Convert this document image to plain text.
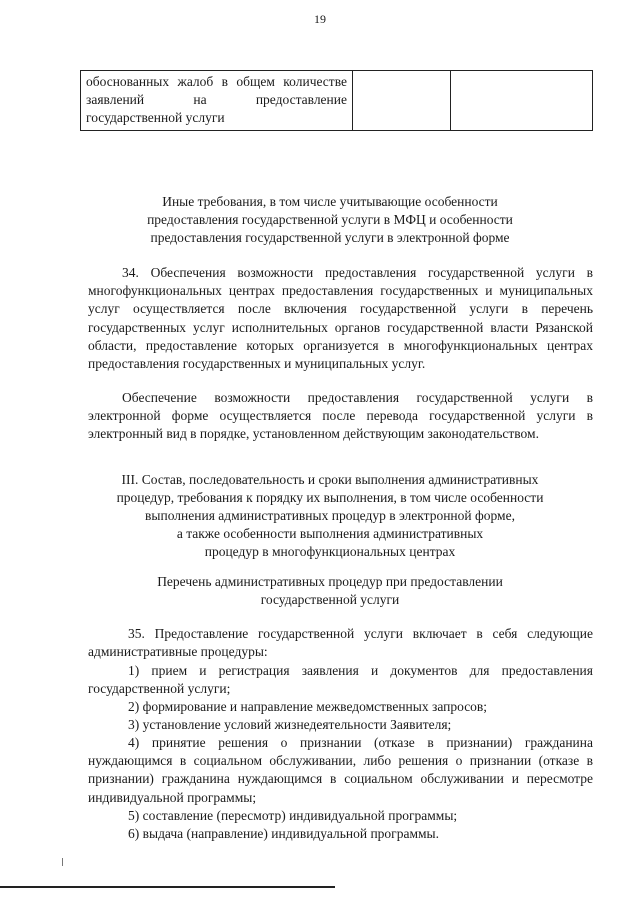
19
обоснованных жалоб в общем количестве заявлений на предоставление государственной услуги

Иные требования, в том числе учитывающие особенности
предоставления государственной услуги в МФЦ и особенности
предоставления государственной услуги в электронной форме
34. Обеспечения возможности предоставления государственной услуги в многофункциональных центрах предоставления государственных и муниципальных услуг осуществляется после включения государственной услуги в перечень государственных услуг исполнительных органов государственной власти Рязанской области, предоставление которых организуется в многофункциональных центрах предоставления государственных и муниципальных услуг.
Обеспечение возможности предоставления государственной услуги в электронной форме осуществляется после перевода государственной услуги в электронный вид в порядке, установленном действующим законодательством.
III. Состав, последовательность и сроки выполнения административных
процедур, требования к порядку их выполнения, в том числе особенности
выполнения административных процедур в электронной форме,
а также особенности выполнения административных
процедур в многофункциональных центрах
Перечень административных процедур при предоставлении
государственной услуги
35. Предоставление государственной услуги включает в себя следующие административные процедуры:
1) прием и регистрация заявления и документов для предоставления государственной услуги;
2) формирование и направление межведомственных запросов;
3) установление условий жизнедеятельности Заявителя;
4) принятие решения о признании (отказе в признании) гражданина нуждающимся в социальном обслуживании, либо решения о признании (отказе в признании) гражданина нуждающимся в социальном обслуживании и пересмотре индивидуальной программы;
5) составление (пересмотр) индивидуальной программы;
6) выдача (направление) индивидуальной программы.
